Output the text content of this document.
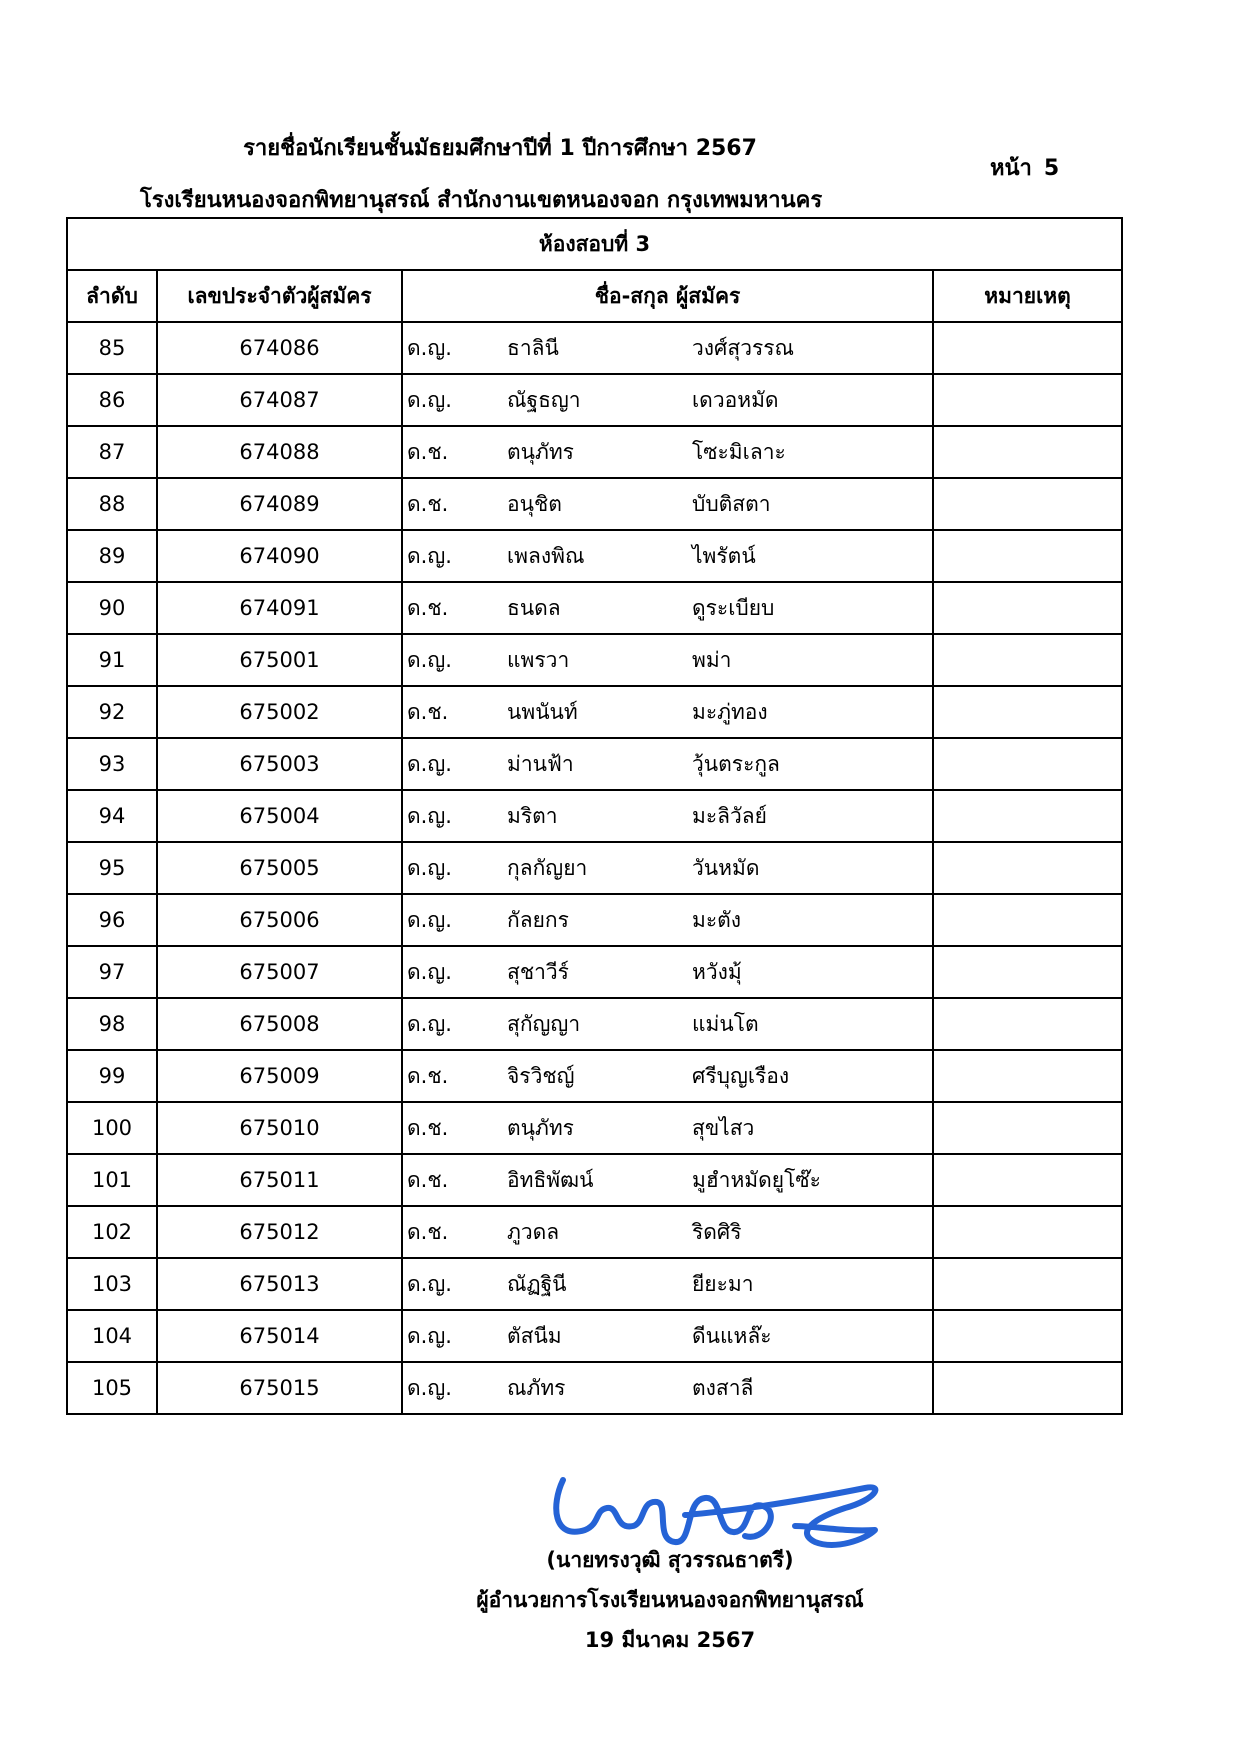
รายชื่อนักเรียนชั้นมัธยมศึกษาปีที่ 1 ปีการศึกษา 2567
หน้า 5
โรงเรียนหนองจอกพิทยานุสรณ์ สำนักงานเขตหนองจอก กรุงเทพมหานคร
ห้องสอบที่ 3			
ลำดับ	เลขประจำตัวผู้สมัคร	ชื่อ-สกุล ผู้สมัคร	หมายเหตุ
85	674086	ด.ญ. ธาลินี วงศ์สุวรรณ	

86	674087	ด.ญ. ณัฐธญา เดวอหมัด	

87	674088	ด.ช. ตนุภัทร โซะมิเลาะ	

88	674089	ด.ช. อนุชิต บับติสตา	

89	674090	ด.ญ. เพลงพิณ ไพรัตน์	

90	674091	ด.ช. ธนดล ดูระเบียบ	

91	675001	ด.ญ. แพรวา พม่า	

92	675002	ด.ช. นพนันท์ มะภู่ทอง	

93	675003	ด.ญ. ม่านฟ้า วุ้นตระกูล	

94	675004	ด.ญ. มริตา มะลิวัลย์	

95	675005	ด.ญ. กุลกัญยา วันหมัด	

96	675006	ด.ญ. กัลยกร มะตัง	

97	675007	ด.ญ. สุชาวีร์ หวังมุ้	

98	675008	ด.ญ. สุกัญญา แม่นโต	

99	675009	ด.ช. จิรวิชญ์ ศรีบุญเรือง	

100	675010	ด.ช. ตนุภัทร สุขไสว	

101	675011	ด.ช. อิทธิพัฒน์ มูฮำหมัดยูโซ๊ะ	

102	675012	ด.ช. ภูวดล ริดศิริ	

103	675013	ด.ญ. ณัฏฐินี ยียะมา	

104	675014	ด.ญ. ตัสนีม ดีนแหล๊ะ	

105	675015	ด.ญ. ณภัทร ตงสาลี	

(นายทรงวุฒิ สุวรรณธาตรี)
ผู้อำนวยการโรงเรียนหนองจอกพิทยานุสรณ์
19 มีนาคม 2567
